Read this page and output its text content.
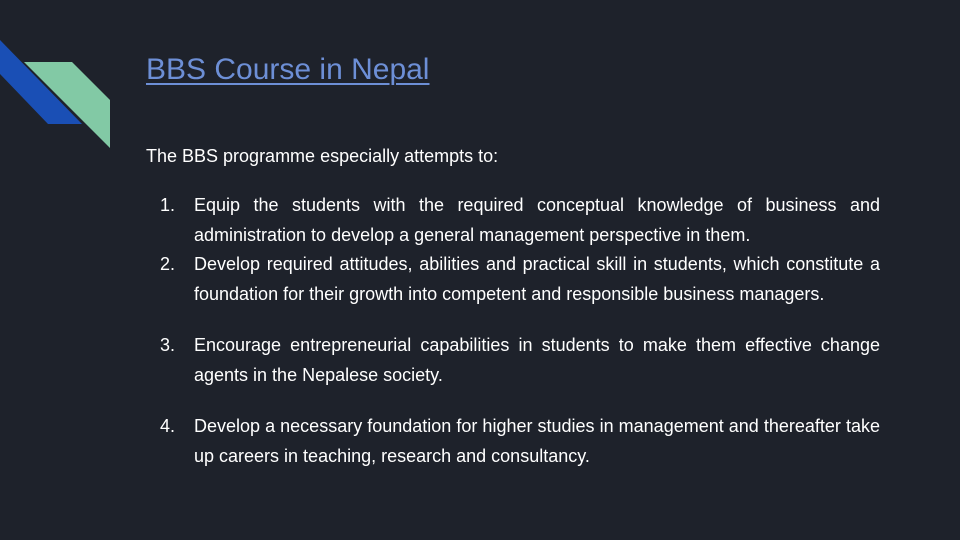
BBS Course in Nepal

The BBS programme especially attempts to:

1. Equip the students with the required conceptual knowledge of business and administration to develop a general management perspective in them.
2. Develop required attitudes, abilities and practical skill in students, which constitute a foundation for their growth into competent and responsible business managers.
3. Encourage entrepreneurial capabilities in students to make them effective change agents in the Nepalese society.
4. Develop a necessary foundation for higher studies in management and thereafter take up careers in teaching, research and consultancy.
